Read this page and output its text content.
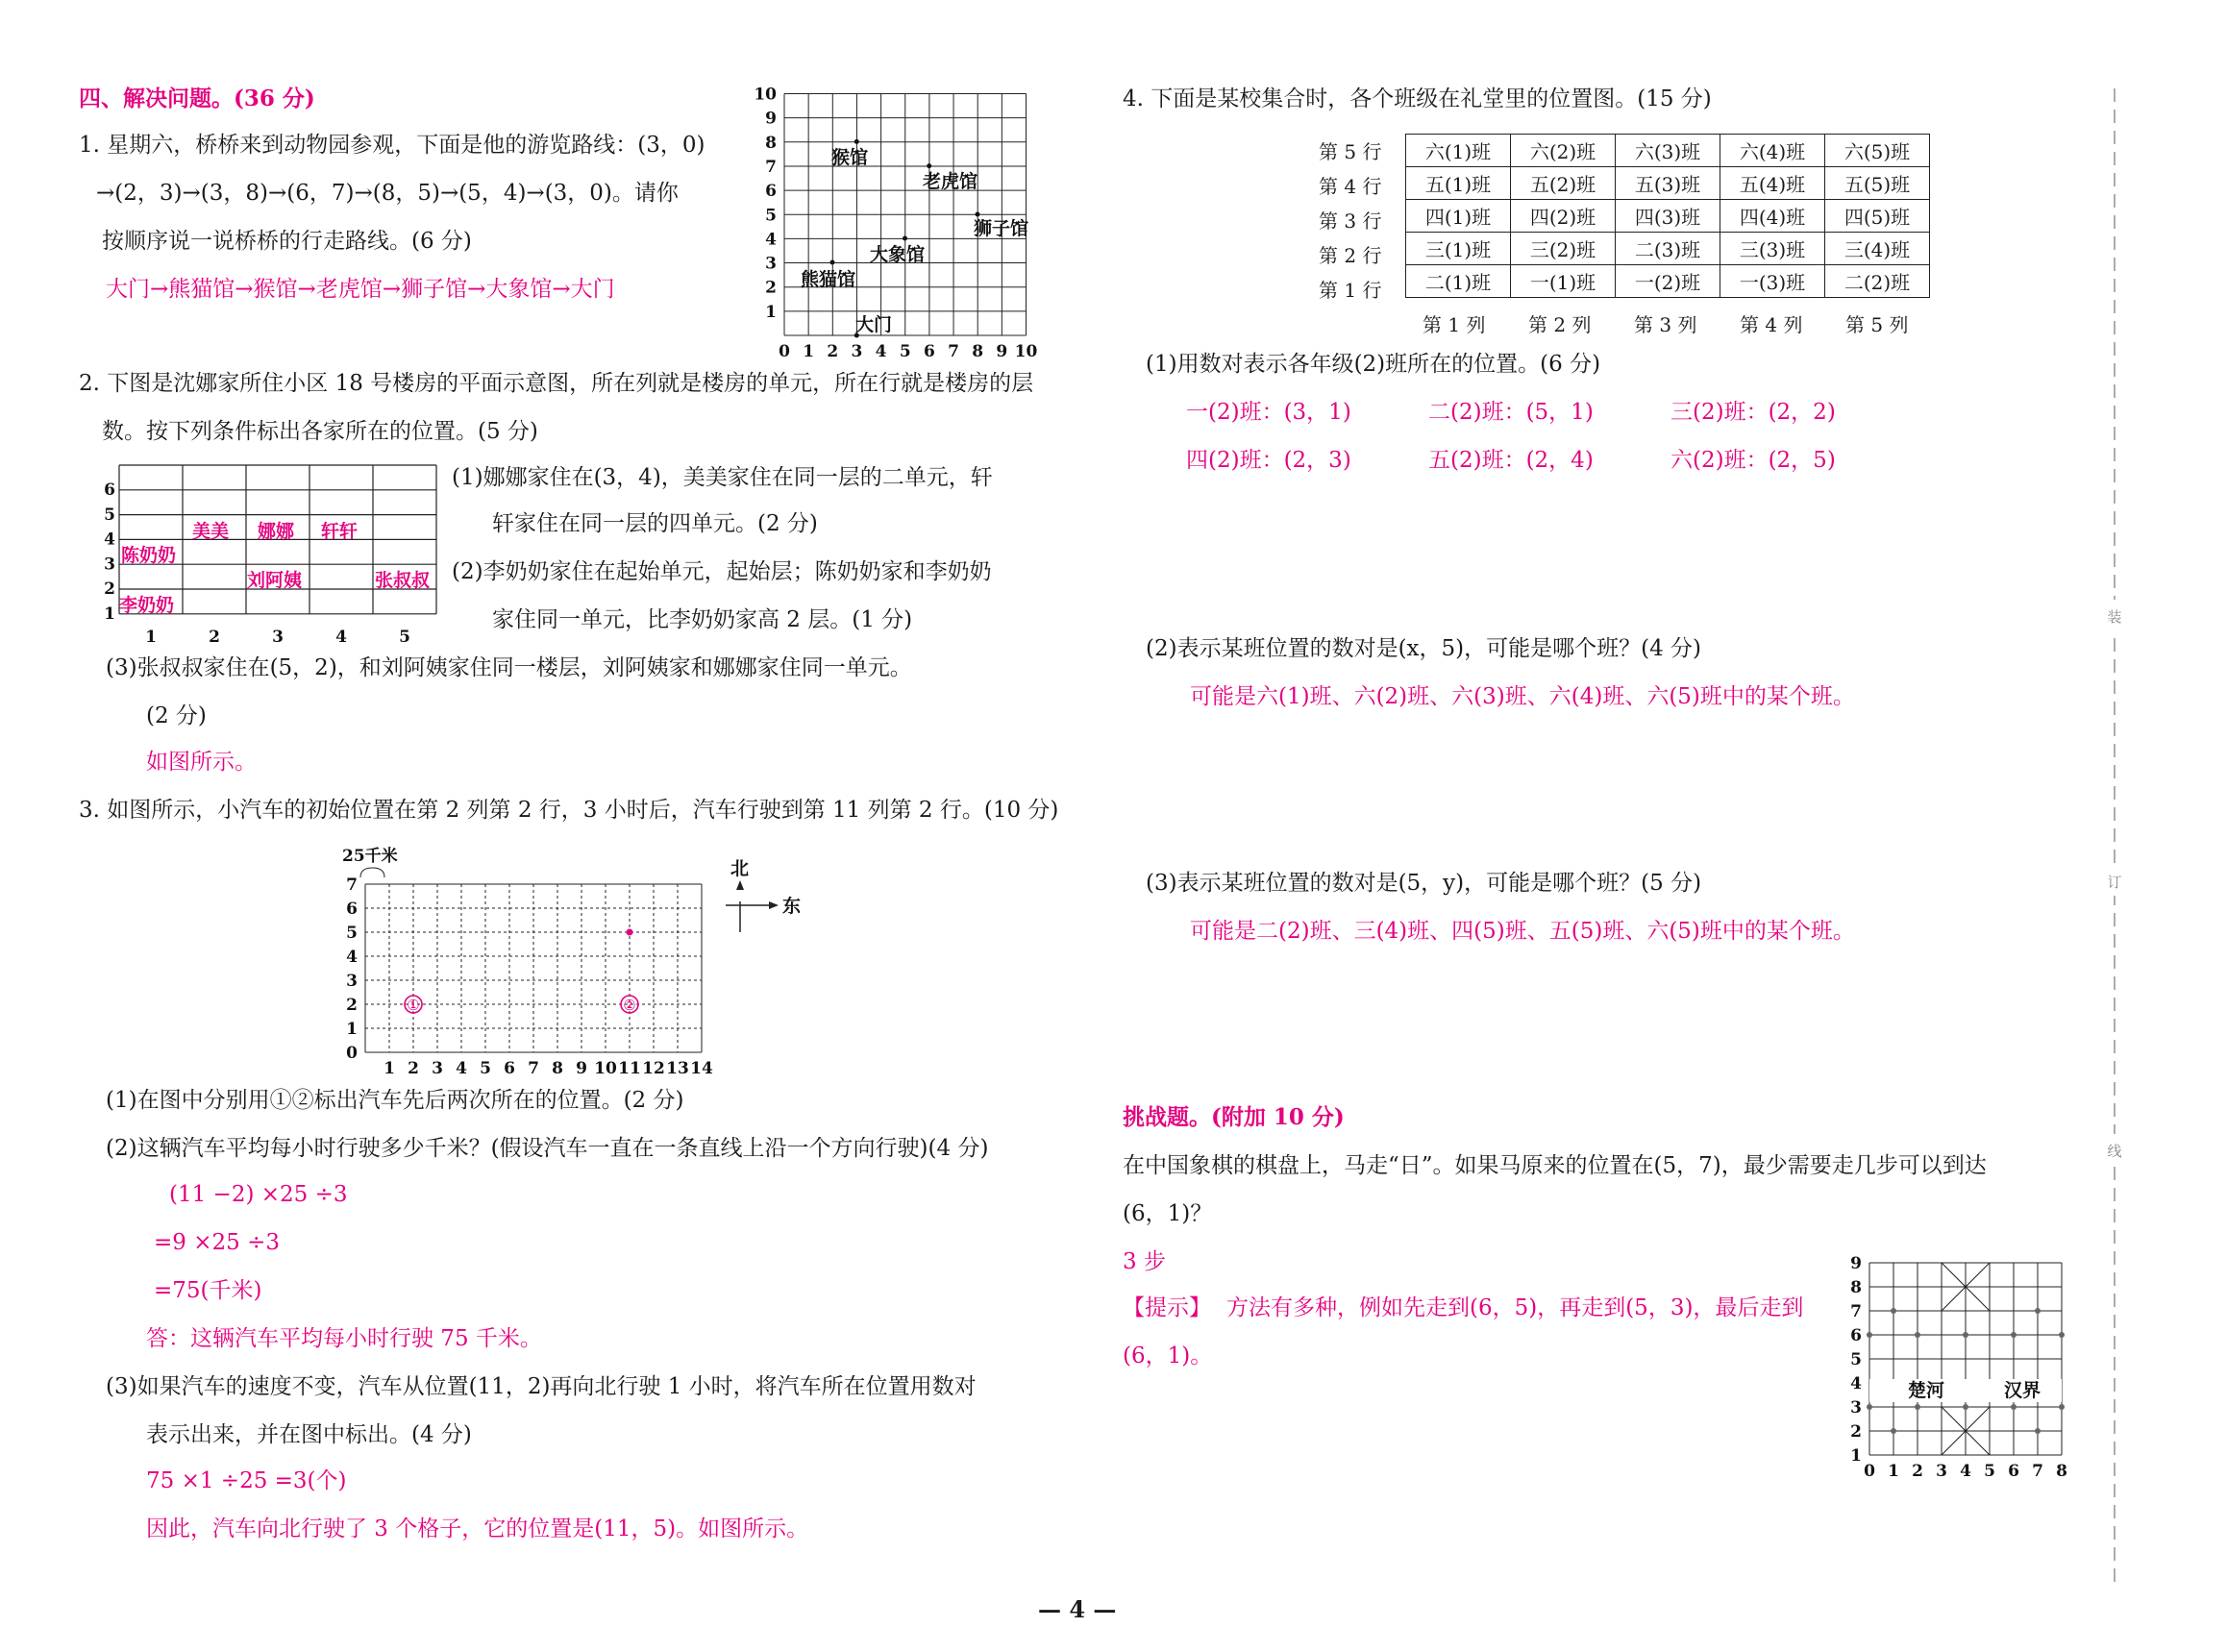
四、解决问题。(36 分)
1. 星期六，桥桥来到动物园参观，下面是他的游览路线：(3，0)
→(2，3)→(3，8)→(6，7)→(8，5)→(5，4)→(3，0)。请你
按顺序说一说桥桥的行走路线。(6 分)
大门→熊猫馆→猴馆→老虎馆→狮子馆→大象馆→大门
0 1 2 3 4 5 6 7 8 9 10
1
2
3
4
5
6
7
8
9
10
猴馆
老虎馆
狮子馆
大象馆
熊猫馆
大门
2. 下图是沈娜家所住小区 18 号楼房的平面示意图，所在列就是楼房的单元，所在行就是楼房的层
数。按下列条件标出各家所在的位置。(5 分)
1	2	3	4	5
1
2
3
4
5
6
美美 娜娜 轩轩
陈奶奶
刘阿姨	张叔叔
李奶奶
(1)娜娜家住在(3，4)，美美家住在同一层的二单元，轩
轩家住在同一层的四单元。(2 分)
(2)李奶奶家住在起始单元，起始层；陈奶奶家和李奶奶
家住同一单元，比李奶奶家高 2 层。(1 分)
(3)张叔叔家住在(5，2)，和刘阿姨家住同一楼层，刘阿姨家和娜娜家住同一单元。
(2 分)
如图所示。
3. 如图所示，小汽车的初始位置在第 2 列第 2 行，3 小时后，汽车行驶到第 11 列第 2 行。(10 分)
25千米
1 2 3 4 5 6 7 8 9 10 11 12 13 14
0
1
2
3
4
5
6
7
①	②
北
东
(1)在图中分别用①②标出汽车先后两次所在的位置。(2 分)
(2)这辆汽车平均每小时行驶多少千米？(假设汽车一直在一条直线上沿一个方向行驶)(4 分)
(11 −2) ×25 ÷3
=9 ×25 ÷3
=75(千米)
答：这辆汽车平均每小时行驶 75 千米。
(3)如果汽车的速度不变，汽车从位置(11，2)再向北行驶 1 小时，将汽车所在位置用数对
表示出来，并在图中标出。(4 分)
75 ×1 ÷25 =3(个)
因此，汽车向北行驶了 3 个格子，它的位置是(11，5)。如图所示。
4. 下面是某校集合时，各个班级在礼堂里的位置图。(15 分)
第 5 行
第 4 行
第 3 行
第 2 行
第 1 行
六(1)班	六(2)班	六(3)班	六(4)班	六(5)班
五(1)班	五(2)班	五(3)班	五(4)班	五(5)班
四(1)班	四(2)班	四(3)班	四(4)班	四(5)班
三(1)班	三(2)班	二(3)班	三(3)班	三(4)班
二(1)班	一(1)班	一(2)班	一(3)班	二(2)班
第 1 列 第 2 列 第 3 列 第 4 列 第 5 列
(1)用数对表示各年级(2)班所在的位置。(6 分)
一(2)班：(3，1)	二(2)班：(5，1)	三(2)班：(2，2)
四(2)班：(2，3)	五(2)班：(2，4)	六(2)班：(2，5)
(2)表示某班位置的数对是(x，5)，可能是哪个班？(4 分)
可能是六(1)班、六(2)班、六(3)班、六(4)班、六(5)班中的某个班。
(3)表示某班位置的数对是(5，y)，可能是哪个班？(5 分)
可能是二(2)班、三(4)班、四(5)班、五(5)班、六(5)班中的某个班。
挑战题。(附加 10 分)
在中国象棋的棋盘上，马走“日”。如果马原来的位置在(5，7)，最少需要走几步可以到达
(6，1)？
3 步
【提示】 方法有多种，例如先走到(6，5)，再走到(5，3)，最后走到
(6，1)。
0 1 2 3 4 5 6 7 8
1
2
3
4
5
6
7
8
9
楚河	汉界
装
订
线
— 4 —
